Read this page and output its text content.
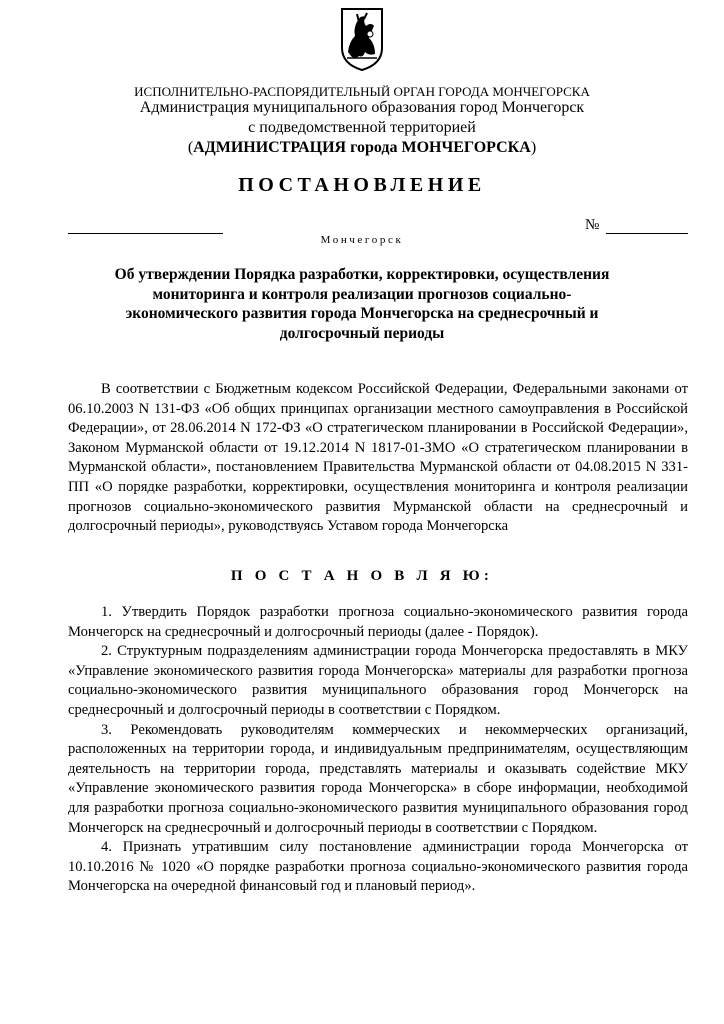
ИСПОЛНИТЕЛЬНО-РАСПОРЯДИТЕЛЬНЫЙ ОРГАН ГОРОДА МОНЧЕГОРСКА
Администрация муниципального образования город Мончегорск
с подведомственной территорией
(АДМИНИСТРАЦИЯ города МОНЧЕГОРСКА)
ПОСТАНОВЛЕНИЕ
№
Мончегорск
Об утверждении Порядка разработки, корректировки, осуществления мониторинга и контроля реализации прогнозов социально-экономического развития города Мончегорска на среднесрочный и долгосрочный периоды

В соответствии с Бюджетным кодексом Российской Федерации, Федеральными законами от 06.10.2003 N 131-ФЗ «Об общих принципах организации местного самоуправления в Российской Федерации», от 28.06.2014 N 172-ФЗ «О стратегическом планировании в Российской Федерации», Законом Мурманской области от 19.12.2014 N 1817-01-ЗМО «О стратегическом планировании в Мурманской области», постановлением Правительства Мурманской области от 04.08.2015 N 331-ПП «О порядке разработки, корректировки, осуществления мониторинга и контроля реализации прогнозов социально-экономического развития Мурманской области на среднесрочный и долгосрочный периоды», руководствуясь Уставом города Мончегорска

П О С Т А Н О В Л Я Ю:

1. Утвердить Порядок разработки прогноза социально-экономического развития города Мончегорск на среднесрочный и долгосрочный периоды (далее - Порядок).

2. Структурным подразделениям администрации города Мончегорска предоставлять в МКУ «Управление экономического развития города Мончегорска» материалы для разработки прогноза социально-экономического развития муниципального образования город Мончегорск на среднесрочный и долгосрочный периоды в соответствии с Порядком.

3. Рекомендовать руководителям коммерческих и некоммерческих организаций, расположенных на территории города, и индивидуальным предпринимателям, осуществляющим деятельность на территории города, представлять материалы и оказывать содействие МКУ «Управление экономического развития города Мончегорска» в сборе информации, необходимой для разработки прогноза социально-экономического развития муниципального образования город Мончегорск на среднесрочный и долгосрочный периоды в соответствии с Порядком.

4. Признать утратившим силу постановление администрации города Мончегорска от 10.10.2016 № 1020 «О порядке разработки прогноза социально-экономического развития города Мончегорска на очередной финансовый год и плановый период».
